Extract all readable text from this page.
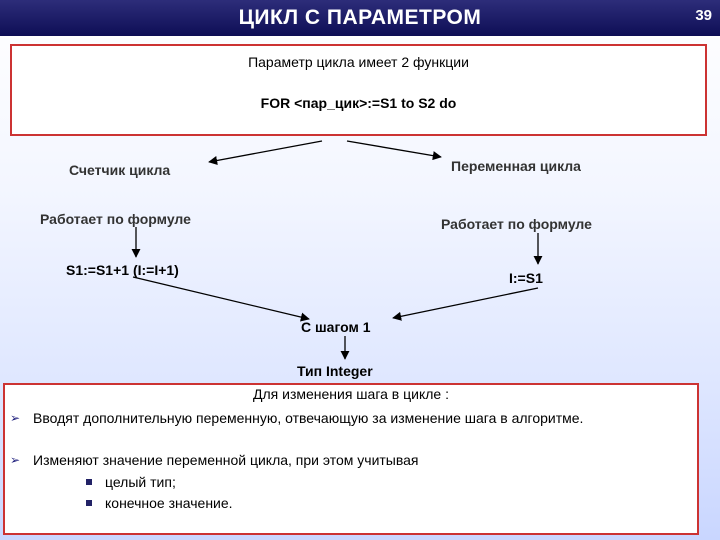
ЦИКЛ С ПАРАМЕТРОМ	39
Параметр цикла имеет 2 функции
FOR <пар_цик>:=S1 to S2 do
Счетчик цикла
Работает по формуле
S1:=S1+1 (I:=I+1)
Переменная цикла
Работает по формуле
I:=S1
С шагом 1
Тип Integer
Для изменения шага в цикле :
➢ Вводят дополнительную переменную, отвечающую за изменение шага в алгоритме.
➢ Изменяют значение переменной цикла, при этом учитывая
целый тип;
конечное значение.
